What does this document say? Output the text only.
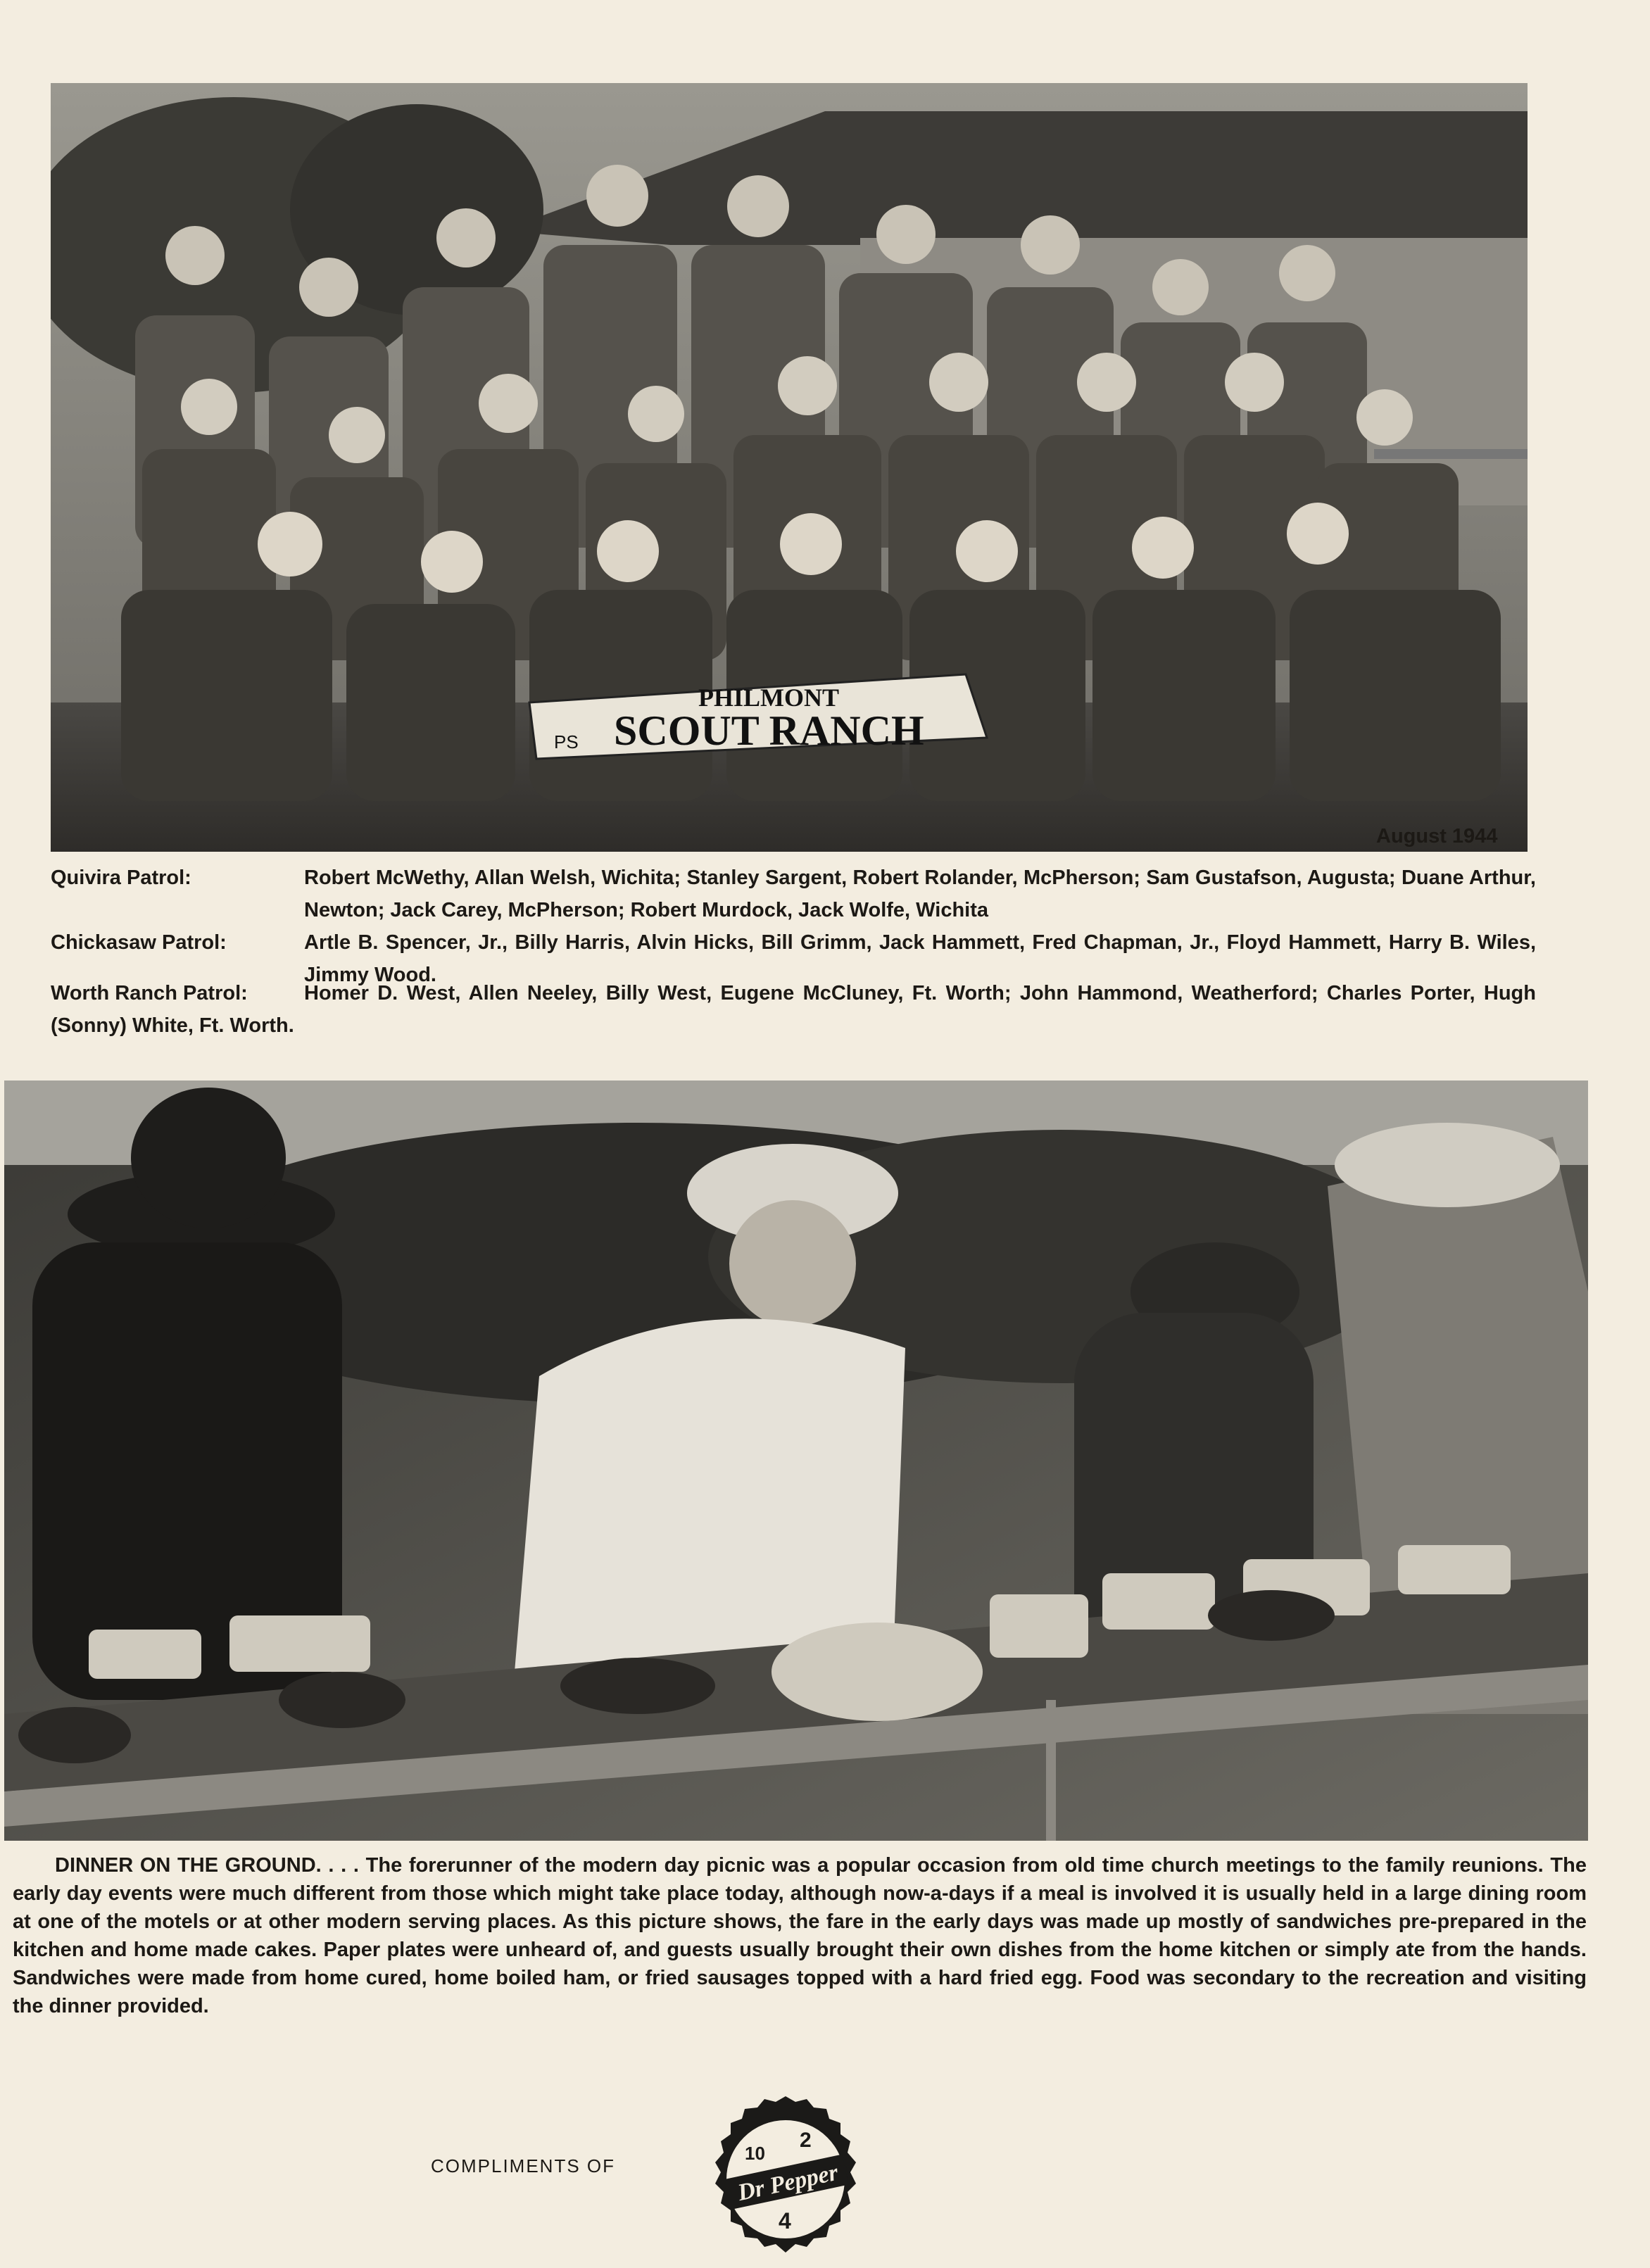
PHILMONT
SCOUT RANCH
PS
August 1944
Quivira Patrol:	Robert McWethy, Allan Welsh, Wichita; Stanley Sargent, Robert Rolander, McPherson; Sam Gustafson, Augusta; Duane Arthur, Newton; Jack Carey, McPherson; Robert Murdock, Jack Wolfe, Wichita
Chickasaw Patrol:	Artle B. Spencer, Jr., Billy Harris, Alvin Hicks, Bill Grimm, Jack Hammett, Fred Chapman, Jr., Floyd Hammett, Harry B. Wiles, Jimmy Wood.
Worth Ranch Patrol:	Homer D. West, Allen Neeley, Billy West, Eugene McCluney, Ft. Worth; John Hammond, Weatherford; Charles Porter, Hugh (Sonny) White, Ft. Worth.
DINNER ON THE GROUND. . . . The forerunner of the modern day picnic was a popular occasion from old time church meetings to the family reunions. The early day events were much different from those which might take place today, although now-a-days if a meal is involved it is usually held in a large dining room at one of the motels or at other modern serving places. As this picture shows, the fare in the early days was made up mostly of sandwiches pre-prepared in the kitchen and home made cakes. Paper plates were unheard of, and guests usually brought their own dishes from the home kitchen or simply ate from the hands. Sandwiches were made from home cured, home boiled ham, or fried sausages topped with a hard fried egg. Food was secondary to the recreation and visiting the dinner provided.
COMPLIMENTS OF
10
2
4
Dr Pepper
